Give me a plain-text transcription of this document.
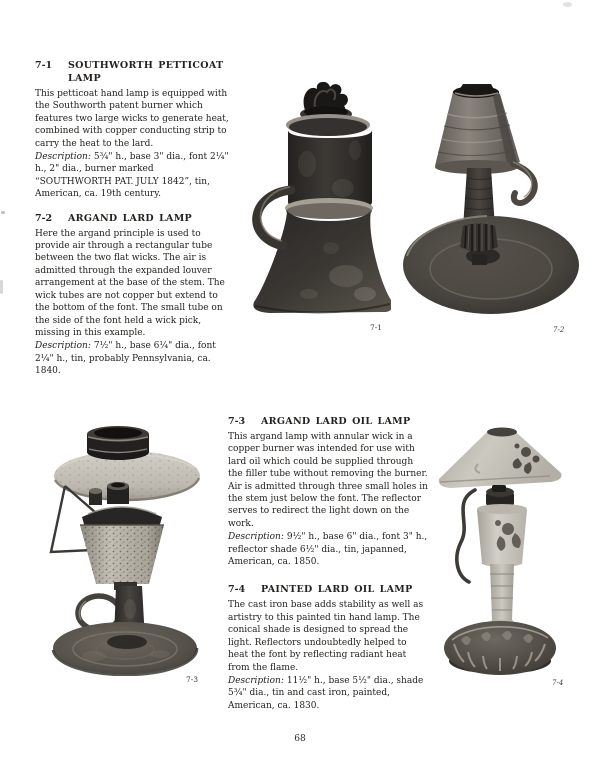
7-1	SOUTHWORTH PETTICOAT LAMP

This petticoat hand lamp is equipped with the Southworth patent burner which features two large wicks to generate heat, combined with copper conducting strip to carry the heat to the lard.

Description: 5¾" h., base 3" dia., font 2¼" h., 2" dia., burner marked “SOUTHWORTH PAT. JULY 1842”, tin, American, ca. 19th century.

7-2	ARGAND LARD LAMP

Here the argand principle is used to provide air through a rectangular tube between the two flat wicks. The air is admitted through the expanded louver arrangement at the base of the stem. The wick tubes are not copper but extend to the bottom of the font. The small tube on the side of the font held a wick pick, missing in this example.

Description: 7½" h., base 6¼" dia., font 2¼" h., tin, probably Pennsylvania, ca. 1840.

7-3	ARGAND LARD OIL LAMP

This argand lamp with annular wick in a copper burner was intended for use with lard oil which could be supplied through the filler tube without removing the burner. Air is admitted through three small holes in the stem just below the font. The reflector serves to redirect the light down on the work.

Description: 9½" h., base 6" dia., font 3" h., reflector shade 6½" dia., tin, japanned, American, ca. 1850.

7-4	PAINTED LARD OIL LAMP

The cast iron base adds stability as well as artistry to this painted tin hand lamp. The conical shade is designed to spread the light. Reflectors undoubtedly helped to heat the font by reflecting radiant heat from the flame.

Description: 11½" h., base 5½" dia., shade 5¾" dia., tin and cast iron, painted, American, ca. 1830.

7-1	7-2
7-3	7-4
68
